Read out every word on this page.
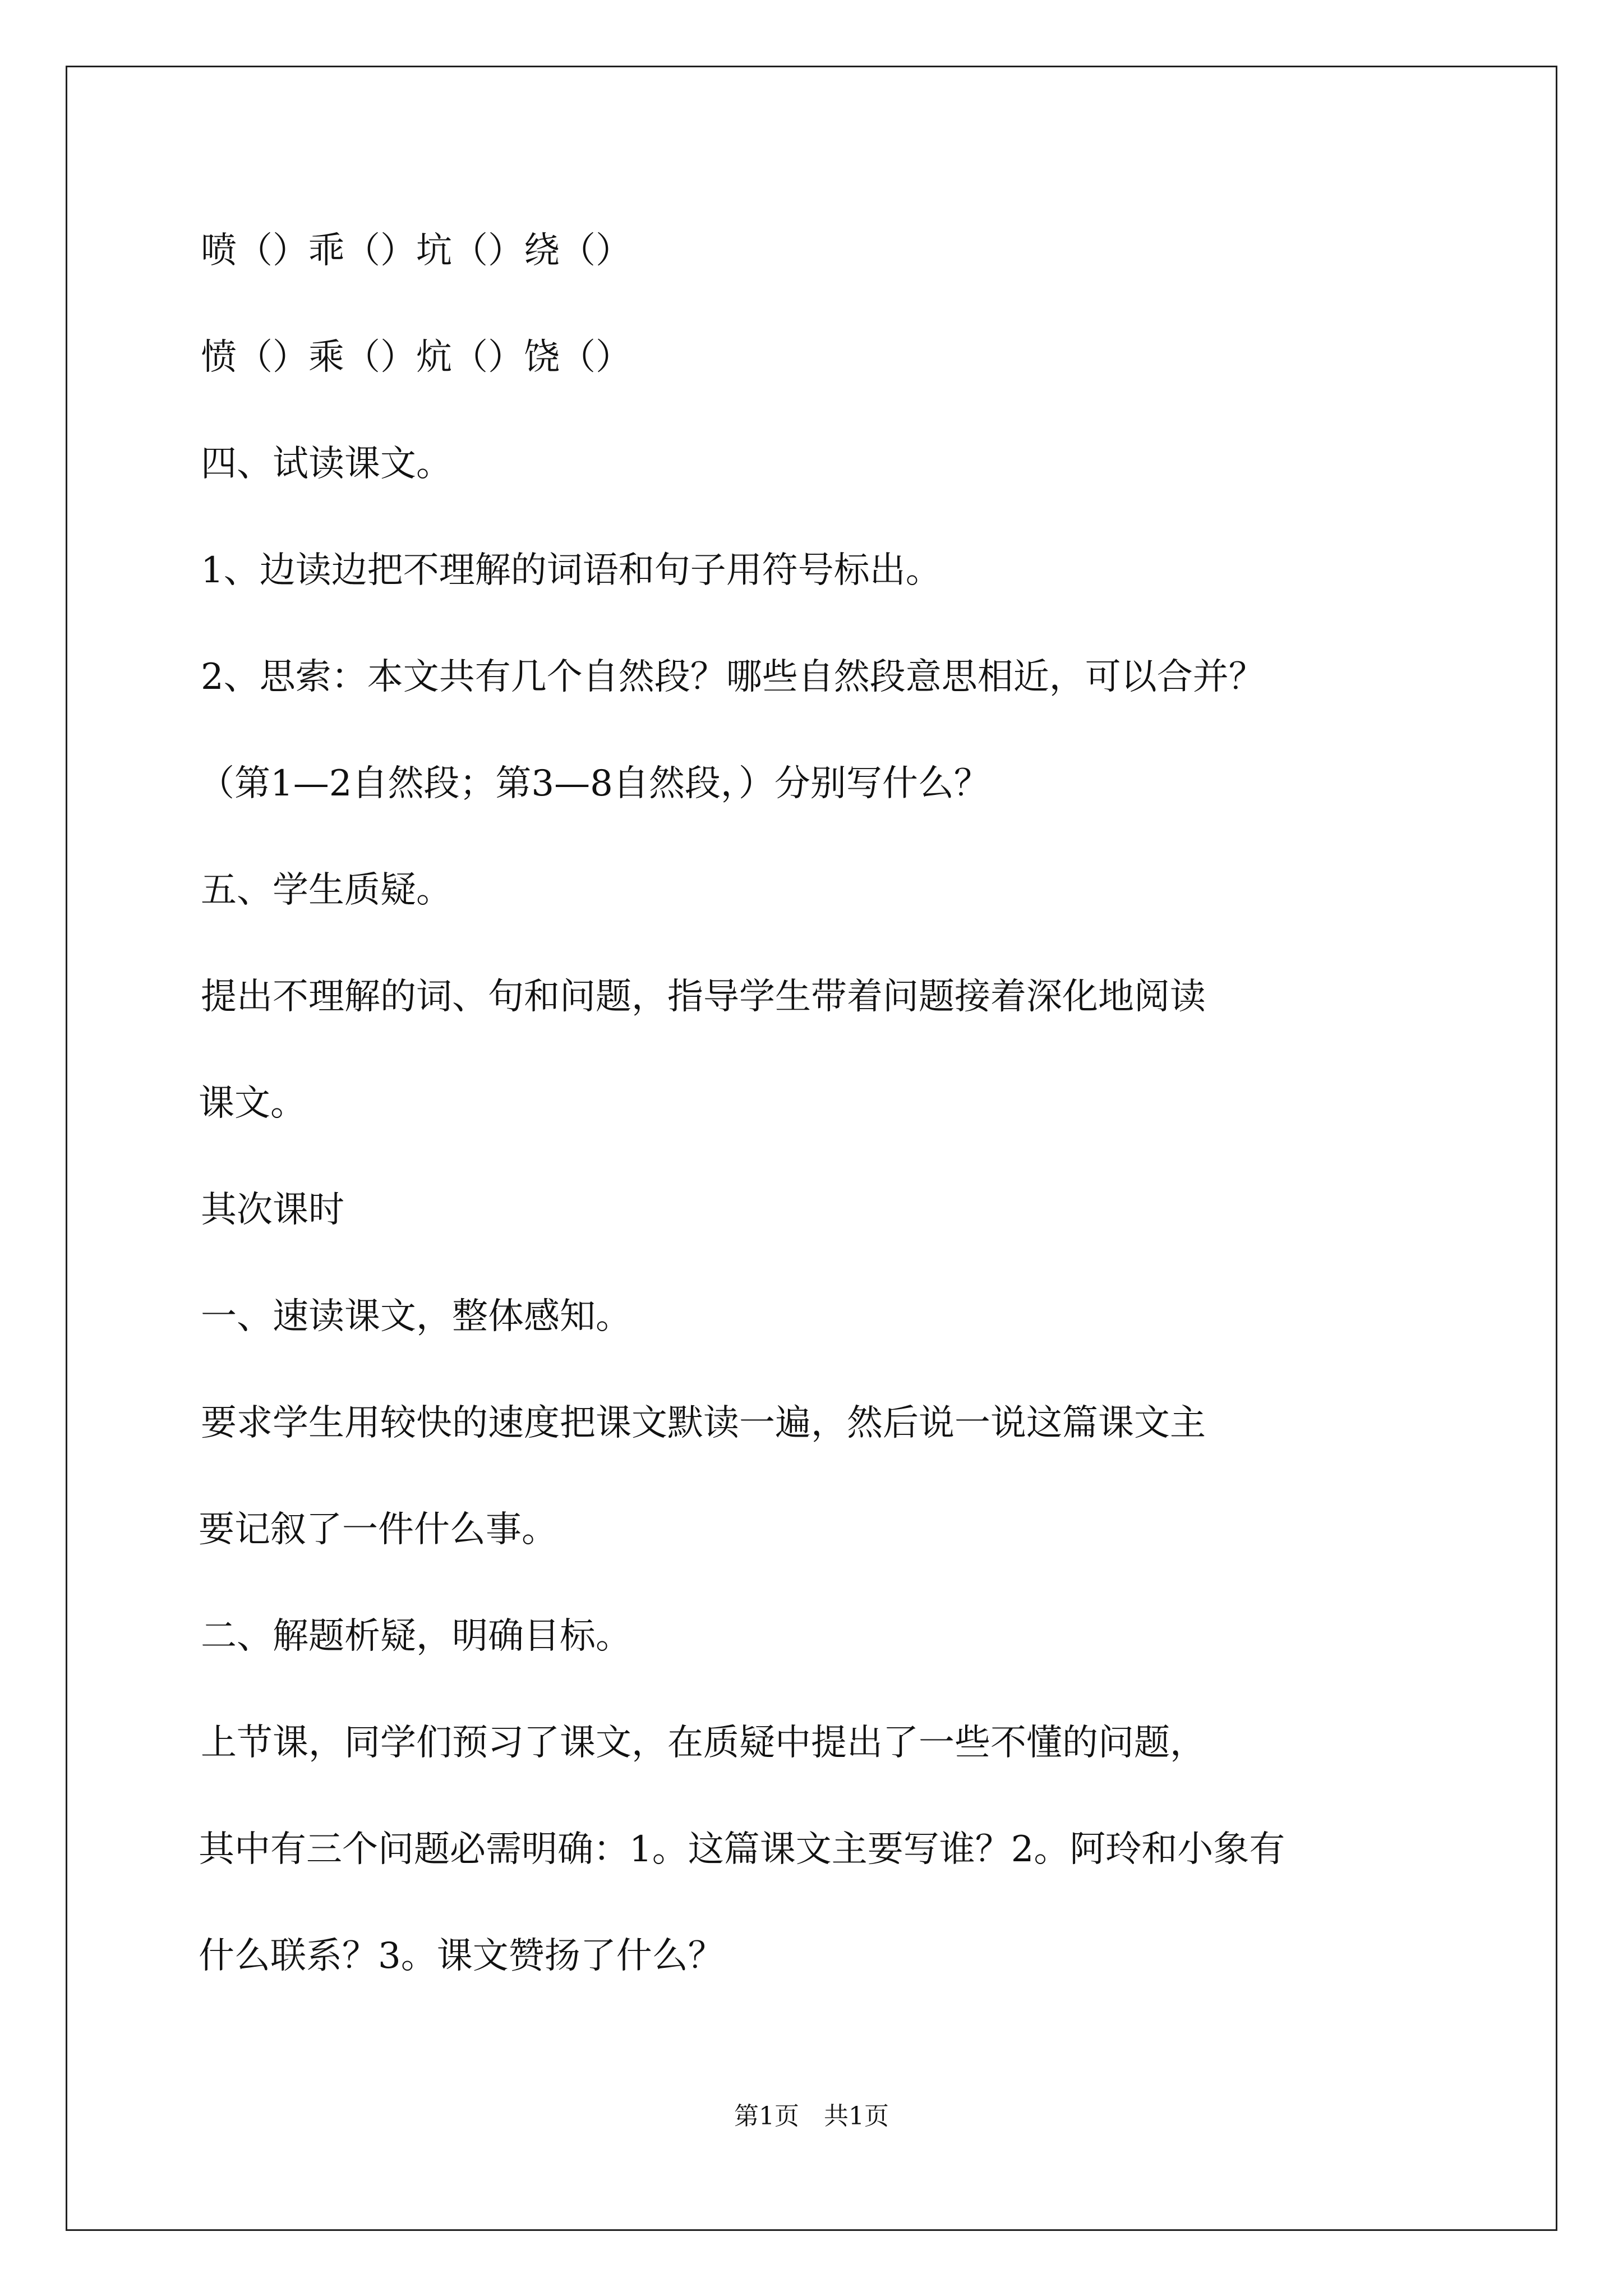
喷（）乖（）坑（）绕（）
愤（）乘（）炕（）饶（）
四、试读课文。
1、边读边把不理解的词语和句子用符号标出。
2、思索：本文共有几个自然段？哪些自然段意思相近，可以合并？
（第1—2自然段；第3—8自然段，）分别写什么？
五、学生质疑。
提出不理解的词、句和问题，指导学生带着问题接着深化地阅读
课文。
其次课时
一、速读课文，整体感知。
要求学生用较快的速度把课文默读一遍，然后说一说这篇课文主
要记叙了一件什么事。
二、解题析疑，明确目标。
上节课，同学们预习了课文，在质疑中提出了一些不懂的问题，
其中有三个问题必需明确：1。这篇课文主要写谁？2。阿玲和小象有
什么联系？3。课文赞扬了什么？
第1页　共1页
